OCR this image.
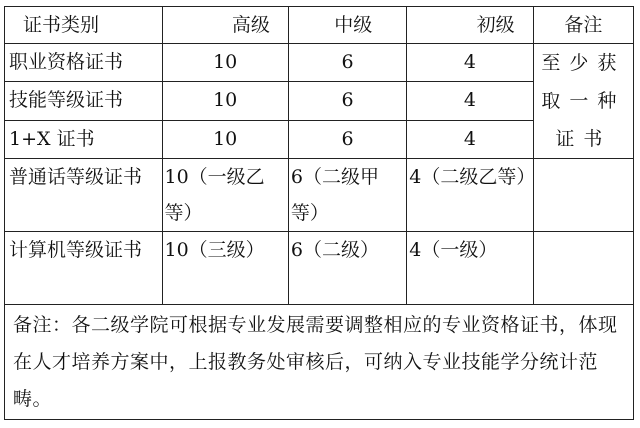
证书类别	高级	中级	初级	备注
职业资格证书	10	6	4	至少获取一种证书
技能等级证书	10	6	4	
1+X 证书	10	6	4	
普通话等级证书	10（一级乙等）	6（二级甲等）	4（二级乙等）	
计算机等级证书	10（三级）	6（二级）	4（一级）	
备注：各二级学院可根据专业发展需要调整相应的专业资格证书，体现在人才培养方案中，上报教务处审核后，可纳入专业技能学分统计范畴。				
